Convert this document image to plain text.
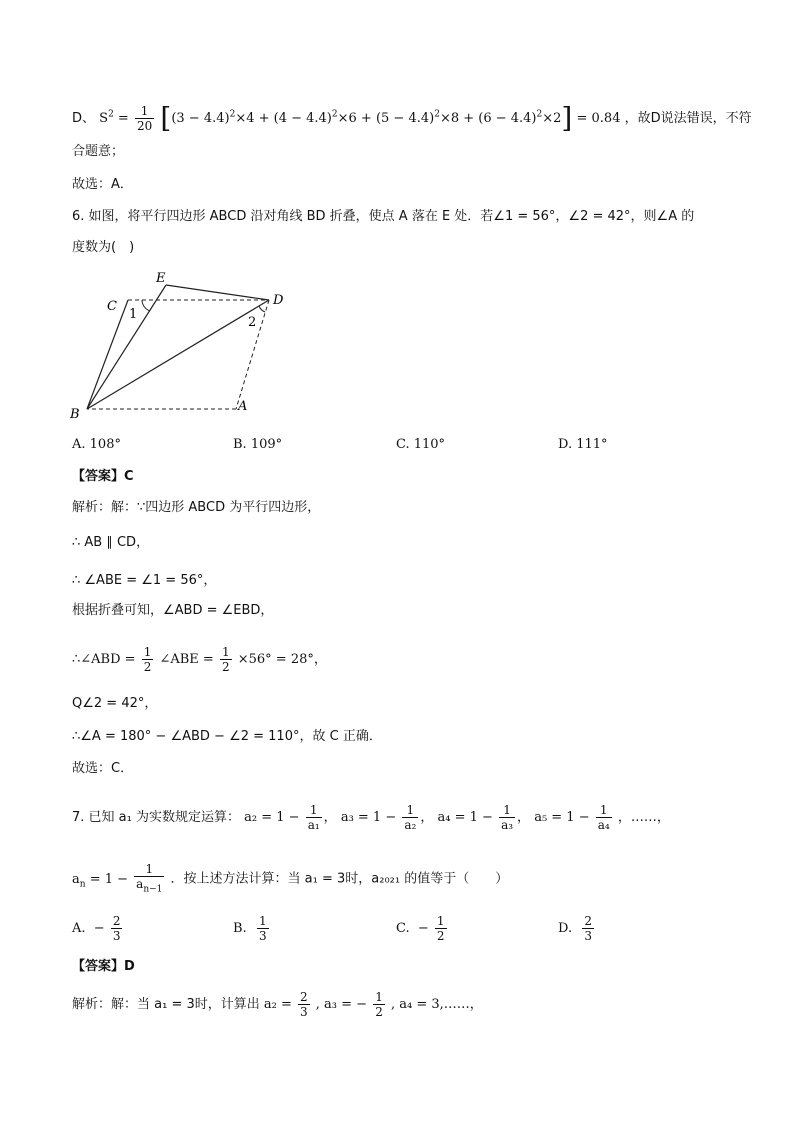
D、 $S^2 = \frac{1}{20} [(3 - 4.4)^2\times 4 + (4 - 4.4)^2\times 6 + (5 - 4.4)^2\times 8 + (6 - 4.4)^2\times 2] = 0.84$ ，故D说法错误，不符
合题意；
故选：A．
6. 如图，将平行四边形 ABCD 沿对角线 BD 折叠，使点 A 落在 E 处．若∠1 = 56°，∠2 = 42°，则∠A 的
度数为(　)
E
C	D
B
A
1
2
A. 108°	B. 109°	C. 110°	D. 111°
【答案】C
解析：解：∵四边形 ABCD 为平行四边形，
∴ AB ∥ CD，
∴ ∠ABE = ∠1 = 56°，
根据折叠可知，∠ABD = ∠EBD，
∴∠ABD = $\frac{1}{2}$ ∠ABE = $\frac{1}{2} \times 56^\circ = 28^\circ$，
Q∠2 = 42°，
∴∠A = 180° − ∠ABD − ∠2 = 110°，故 C 正确．
故选：C．
7. 已知 a₁ 为实数规定运算： $a_2 = 1 - \frac{1}{\text{a₁}}$ ， $a_3 = 1 - \frac{1}{\text{a₂}}$ ， $a_4 = 1 - \frac{1}{\text{a₃}}$ ， $a_5 = 1 - \frac{1}{\text{a₄}}$ ，……，
$a_n = 1 - \frac{1}{a_{n-1}}$ ．按上述方法计算：当 a₁ = 3时，a₂₀₂₁ 的值等于（　　）
A.  − $\frac{2}{3}$	B. $\frac{1}{3}$	C.  − $\frac{1}{2}$	D. $\frac{2}{3}$
【答案】D
解析：解：当 a₁ = 3时，计算出 $a_2 = \frac{2}{3}$ , a₃ = − $\frac{1}{2}$ , a₄ = 3,……，
